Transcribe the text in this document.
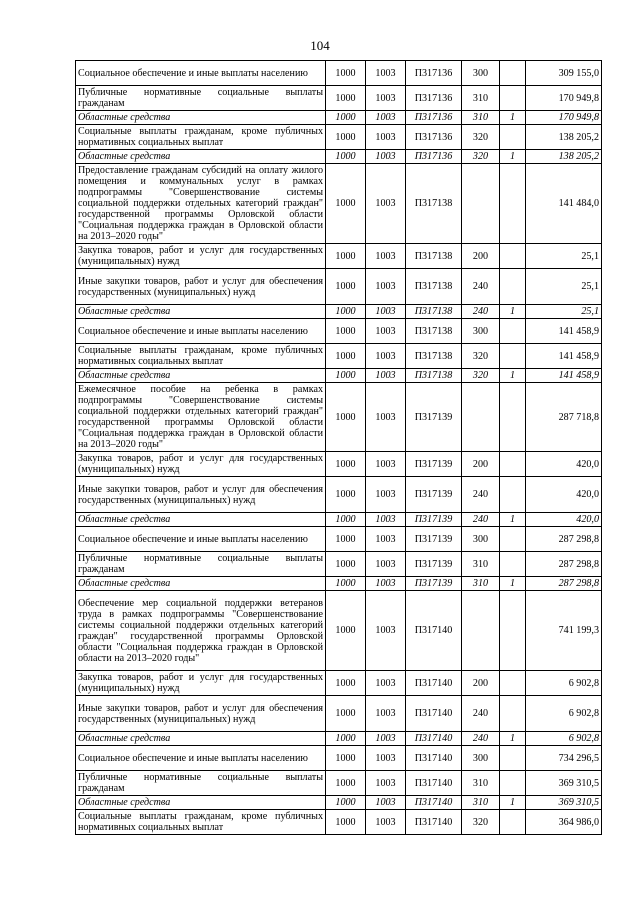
104
Социальное обеспечение и иные выплаты населению	1000	1003	П317136	300		309 155,0
Публичные нормативные социальные выплаты гражданам	1000	1003	П317136	310		170 949,8
Областные средства	1000	1003	П317136	310	1	170 949,8
Социальные выплаты гражданам, кроме публичных нормативных социальных выплат	1000	1003	П317136	320		138 205,2
Областные средства	1000	1003	П317136	320	1	138 205,2
Предоставление гражданам субсидий на оплату жилого помещения и коммунальных услуг в рамках подпрограммы "Совершенствование системы социальной поддержки отдельных категорий граждан" государственной программы Орловской области "Социальная поддержка граждан в Орловской области на 2013–2020 годы"	1000	1003	П317138			141 484,0
Закупка товаров, работ и услуг для государственных (муниципальных) нужд	1000	1003	П317138	200		25,1
Иные закупки товаров, работ и услуг для обеспечения государственных (муниципальных) нужд	1000	1003	П317138	240		25,1
Областные средства	1000	1003	П317138	240	1	25,1
Социальное обеспечение и иные выплаты населению	1000	1003	П317138	300		141 458,9
Социальные выплаты гражданам, кроме публичных нормативных социальных выплат	1000	1003	П317138	320		141 458,9
Областные средства	1000	1003	П317138	320	1	141 458,9
Ежемесячное пособие на ребенка в рамках подпрограммы "Совершенствование системы социальной поддержки отдельных категорий граждан" государственной программы Орловской области "Социальная поддержка граждан в Орловской области на 2013–2020 годы"	1000	1003	П317139			287 718,8
Закупка товаров, работ и услуг для государственных (муниципальных) нужд	1000	1003	П317139	200		420,0
Иные закупки товаров, работ и услуг для обеспечения государственных (муниципальных) нужд	1000	1003	П317139	240		420,0
Областные средства	1000	1003	П317139	240	1	420,0
Социальное обеспечение и иные выплаты населению	1000	1003	П317139	300		287 298,8
Публичные нормативные социальные выплаты гражданам	1000	1003	П317139	310		287 298,8
Областные средства	1000	1003	П317139	310	1	287 298,8
Обеспечение мер социальной поддержки ветеранов труда в рамках подпрограммы "Совершенствование системы социальной поддержки отдельных категорий граждан" государственной программы Орловской области "Социальная поддержка граждан в Орловской области на 2013–2020 годы"	1000	1003	П317140			741 199,3
Закупка товаров, работ и услуг для государственных (муниципальных) нужд	1000	1003	П317140	200		6 902,8
Иные закупки товаров, работ и услуг для обеспечения государственных (муниципальных) нужд	1000	1003	П317140	240		6 902,8
Областные средства	1000	1003	П317140	240	1	6 902,8
Социальное обеспечение и иные выплаты населению	1000	1003	П317140	300		734 296,5
Публичные нормативные социальные выплаты гражданам	1000	1003	П317140	310		369 310,5
Областные средства	1000	1003	П317140	310	1	369 310,5
Социальные выплаты гражданам, кроме публичных нормативных социальных выплат	1000	1003	П317140	320		364 986,0
